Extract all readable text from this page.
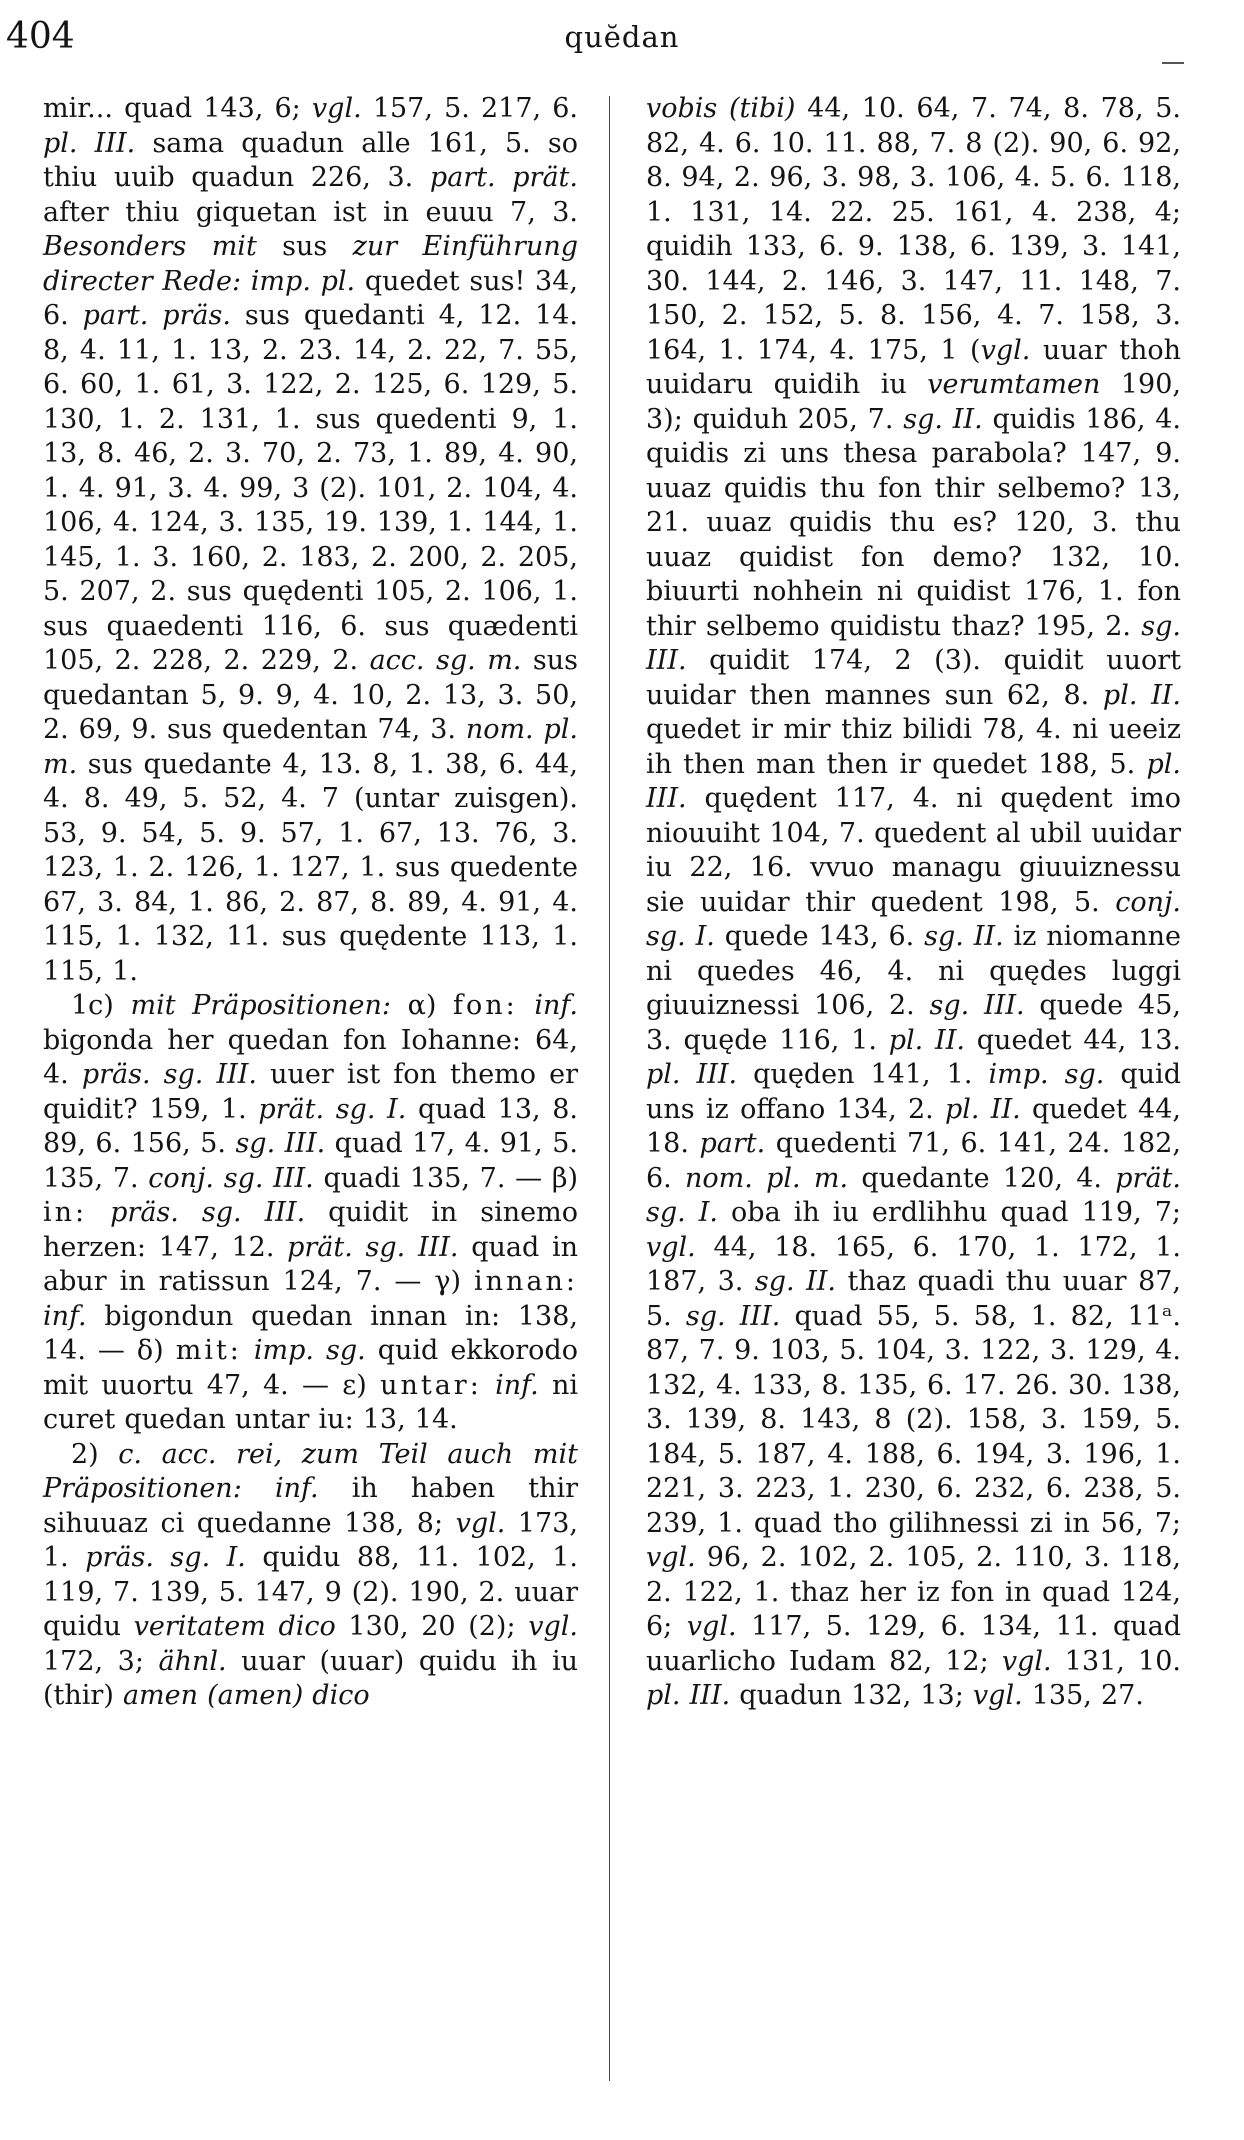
404	quĕdan

mir... quad 143, 6; vgl. 157, 5. 217, 6. pl. III. sama quadun alle 161, 5. so thiu uuib quadun 226, 3. part. prät. after thiu giquetan ist in euuu 7, 3. Besonders mit sus zur Einführung directer Rede: imp. pl. quedet sus! 34, 6. part. präs. sus quedanti 4, 12. 14. 8, 4. 11, 1. 13, 2. 23. 14, 2. 22, 7. 55, 6. 60, 1. 61, 3. 122, 2. 125, 6. 129, 5. 130, 1. 2. 131, 1. sus quedenti 9, 1. 13, 8. 46, 2. 3. 70, 2. 73, 1. 89, 4. 90, 1. 4. 91, 3. 4. 99, 3 (2). 101, 2. 104, 4. 106, 4. 124, 3. 135, 19. 139, 1. 144, 1. 145, 1. 3. 160, 2. 183, 2. 200, 2. 205, 5. 207, 2. sus quędenti 105, 2. 106, 1. sus quaedenti 116, 6. sus quædenti 105, 2. 228, 2. 229, 2. acc. sg. m. sus quedantan 5, 9. 9, 4. 10, 2. 13, 3. 50, 2. 69, 9. sus quedentan 74, 3. nom. pl. m. sus quedante 4, 13. 8, 1. 38, 6. 44, 4. 8. 49, 5. 52, 4. 7 (untar zuisgen). 53, 9. 54, 5. 9. 57, 1. 67, 13. 76, 3. 123, 1. 2. 126, 1. 127, 1. sus quedente 67, 3. 84, 1. 86, 2. 87, 8. 89, 4. 91, 4. 115, 1. 132, 11. sus quędente 113, 1. 115, 1.

1c) mit Präpositionen: α) fon: inf. bigonda her quedan fon Iohanne: 64, 4. präs. sg. III. uuer ist fon themo er quidit? 159, 1. prät. sg. I. quad 13, 8. 89, 6. 156, 5. sg. III. quad 17, 4. 91, 5. 135, 7. conj. sg. III. quadi 135, 7. — β) in: präs. sg. III. quidit in sinemo herzen: 147, 12. prät. sg. III. quad in abur in ratissun 124, 7. — γ) innan: inf. bigondun quedan innan in: 138, 14. — δ) mit: imp. sg. quid ekkorodo mit uuortu 47, 4. — ε) untar: inf. ni curet quedan untar iu: 13, 14.

2) c. acc. rei, zum Teil auch mit Präpositionen: inf. ih haben thir sihuuaz ci quedanne 138, 8; vgl. 173, 1. präs. sg. I. quidu 88, 11. 102, 1. 119, 7. 139, 5. 147, 9 (2). 190, 2. uuar quidu veritatem dico 130, 20 (2); vgl. 172, 3; ähnl. uuar (uuar) quidu ih iu (thir) amen (amen) dico

vobis (tibi) 44, 10. 64, 7. 74, 8. 78, 5. 82, 4. 6. 10. 11. 88, 7. 8 (2). 90, 6. 92, 8. 94, 2. 96, 3. 98, 3. 106, 4. 5. 6. 118, 1. 131, 14. 22. 25. 161, 4. 238, 4; quidih 133, 6. 9. 138, 6. 139, 3. 141, 30. 144, 2. 146, 3. 147, 11. 148, 7. 150, 2. 152, 5. 8. 156, 4. 7. 158, 3. 164, 1. 174, 4. 175, 1 (vgl. uuar thoh uuidaru quidih iu verumtamen 190, 3); quiduh 205, 7. sg. II. quidis 186, 4. quidis zi uns thesa parabola? 147, 9. uuaz quidis thu fon thir selbemo? 13, 21. uuaz quidis thu es? 120, 3. thu uuaz quidist fon demo? 132, 10. biuurti nohhein ni quidist 176, 1. fon thir selbemo quidistu thaz? 195, 2. sg. III. quidit 174, 2 (3). quidit uuort uuidar then mannes sun 62, 8. pl. II. quedet ir mir thiz bilidi 78, 4. ni ueeiz ih then man then ir quedet 188, 5. pl. III. quędent 117, 4. ni quędent imo niouuiht 104, 7. quedent al ubil uuidar iu 22, 16. vvuo managu giuuiznessu sie uuidar thir quedent 198, 5. conj. sg. I. quede 143, 6. sg. II. iz niomanne ni quedes 46, 4. ni quędes luggi giuuiznessi 106, 2. sg. III. quede 45, 3. quęde 116, 1. pl. II. quedet 44, 13. pl. III. quęden 141, 1. imp. sg. quid uns iz offano 134, 2. pl. II. quedet 44, 18. part. quedenti 71, 6. 141, 24. 182, 6. nom. pl. m. quedante 120, 4. prät. sg. I. oba ih iu erdlihhu quad 119, 7; vgl. 44, 18. 165, 6. 170, 1. 172, 1. 187, 3. sg. II. thaz quadi thu uuar 87, 5. sg. III. quad 55, 5. 58, 1. 82, 11ᵃ. 87, 7. 9. 103, 5. 104, 3. 122, 3. 129, 4. 132, 4. 133, 8. 135, 6. 17. 26. 30. 138, 3. 139, 8. 143, 8 (2). 158, 3. 159, 5. 184, 5. 187, 4. 188, 6. 194, 3. 196, 1. 221, 3. 223, 1. 230, 6. 232, 6. 238, 5. 239, 1. quad tho gilihnessi zi in 56, 7; vgl. 96, 2. 102, 2. 105, 2. 110, 3. 118, 2. 122, 1. thaz her iz fon in quad 124, 6; vgl. 117, 5. 129, 6. 134, 11. quad uuarlicho Iudam 82, 12; vgl. 131, 10. pl. III. quadun 132, 13; vgl. 135, 27.
